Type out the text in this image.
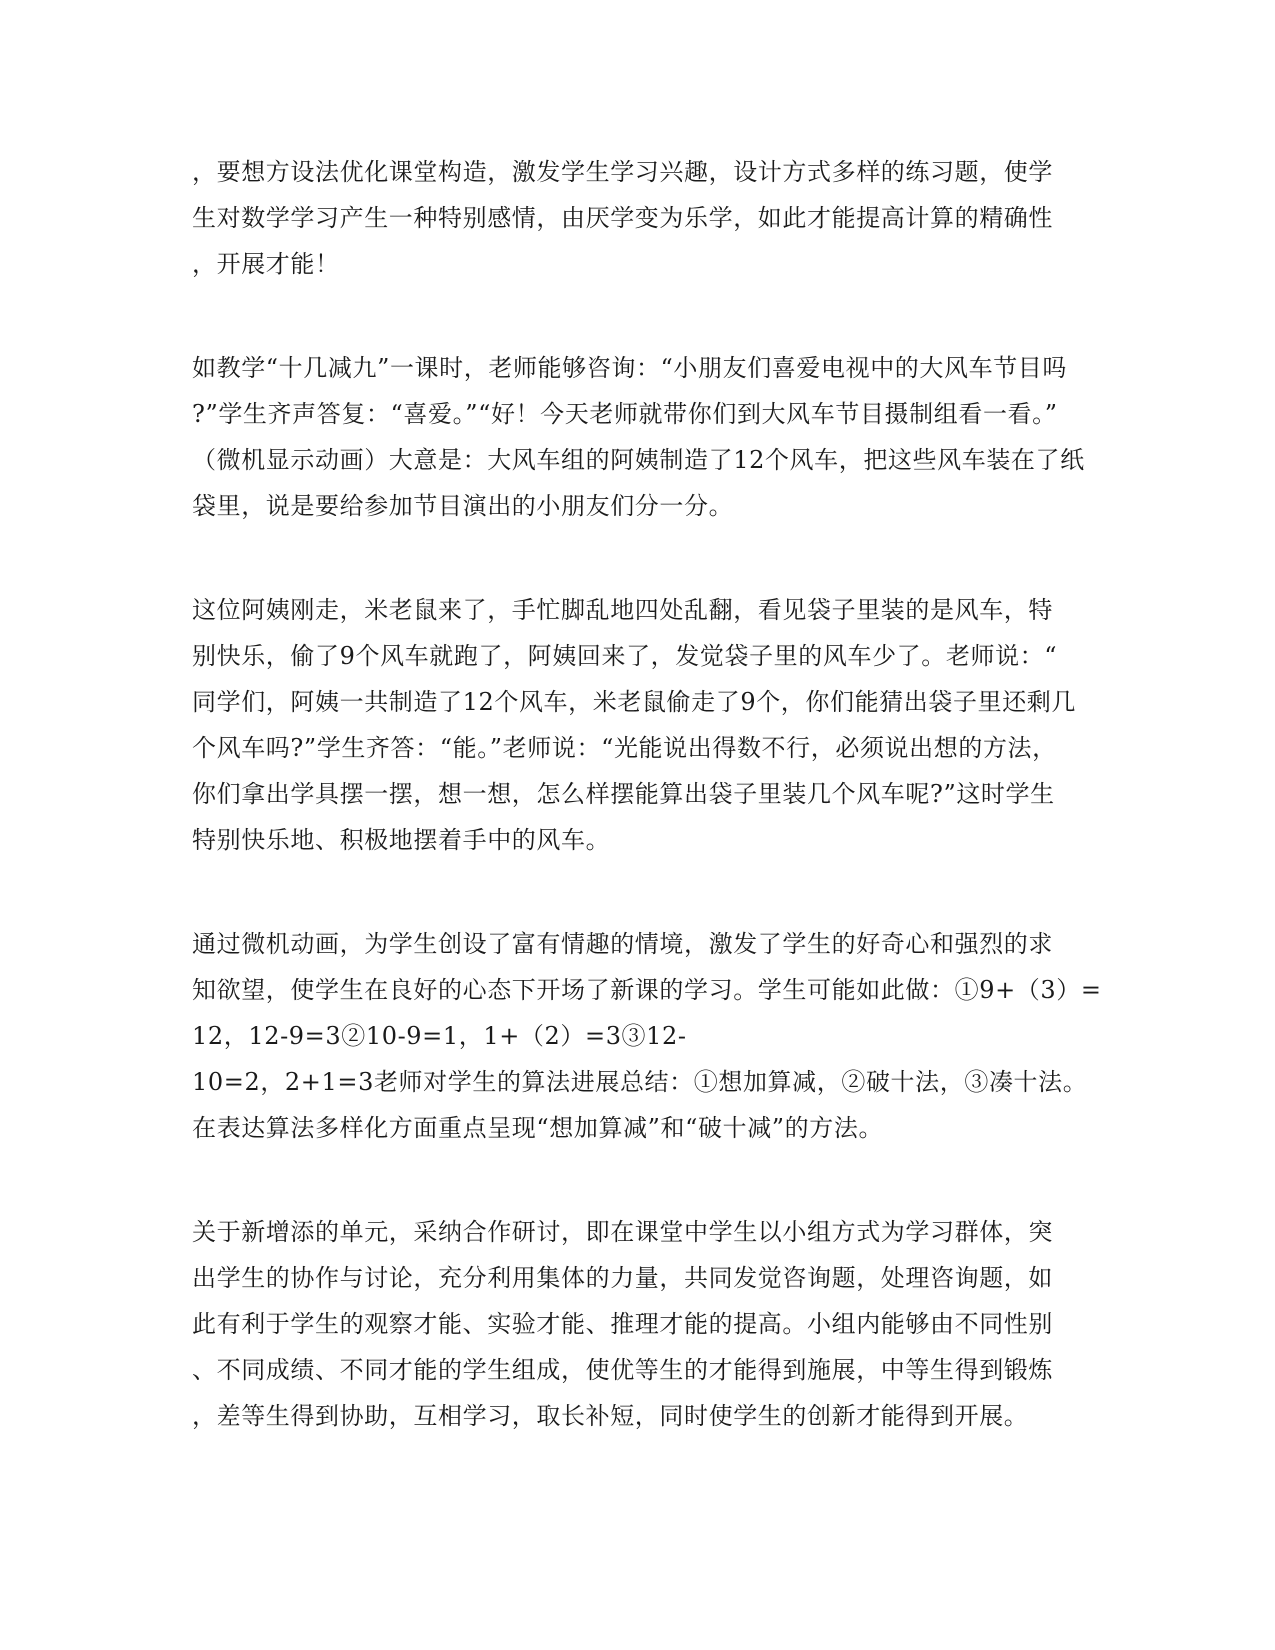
，要想方设法优化课堂构造，激发学生学习兴趣，设计方式多样的练习题，使学
生对数学学习产生一种特别感情，由厌学变为乐学，如此才能提高计算的精确性
，开展才能！
如教学“十几减九”一课时，老师能够咨询：“小朋友们喜爱电视中的大风车节目吗
?”学生齐声答复：“喜爱。”“好！今天老师就带你们到大风车节目摄制组看一看。”
（微机显示动画）大意是：大风车组的阿姨制造了12个风车，把这些风车装在了纸
袋里，说是要给参加节目演出的小朋友们分一分。
这位阿姨刚走，米老鼠来了，手忙脚乱地四处乱翻，看见袋子里装的是风车，特
别快乐，偷了9个风车就跑了，阿姨回来了，发觉袋子里的风车少了。老师说：“
同学们，阿姨一共制造了12个风车，米老鼠偷走了9个，你们能猜出袋子里还剩几
个风车吗?”学生齐答：“能。”老师说：“光能说出得数不行，必须说出想的方法，
你们拿出学具摆一摆，想一想，怎么样摆能算出袋子里装几个风车呢?”这时学生
特别快乐地、积极地摆着手中的风车。
通过微机动画，为学生创设了富有情趣的情境，激发了学生的好奇心和强烈的求
知欲望，使学生在良好的心态下开场了新课的学习。学生可能如此做：①9+（3）=
12，12-9=3②10-9=1，1+（2）=3③12-
10=2，2+1=3老师对学生的算法进展总结：①想加算减，②破十法，③凑十法。
在表达算法多样化方面重点呈现“想加算减”和“破十减”的方法。
关于新增添的单元，采纳合作研讨，即在课堂中学生以小组方式为学习群体，突
出学生的协作与讨论，充分利用集体的力量，共同发觉咨询题，处理咨询题，如
此有利于学生的观察才能、实验才能、推理才能的提高。小组内能够由不同性别
、不同成绩、不同才能的学生组成，使优等生的才能得到施展，中等生得到锻炼
，差等生得到协助，互相学习，取长补短，同时使学生的创新才能得到开展。
